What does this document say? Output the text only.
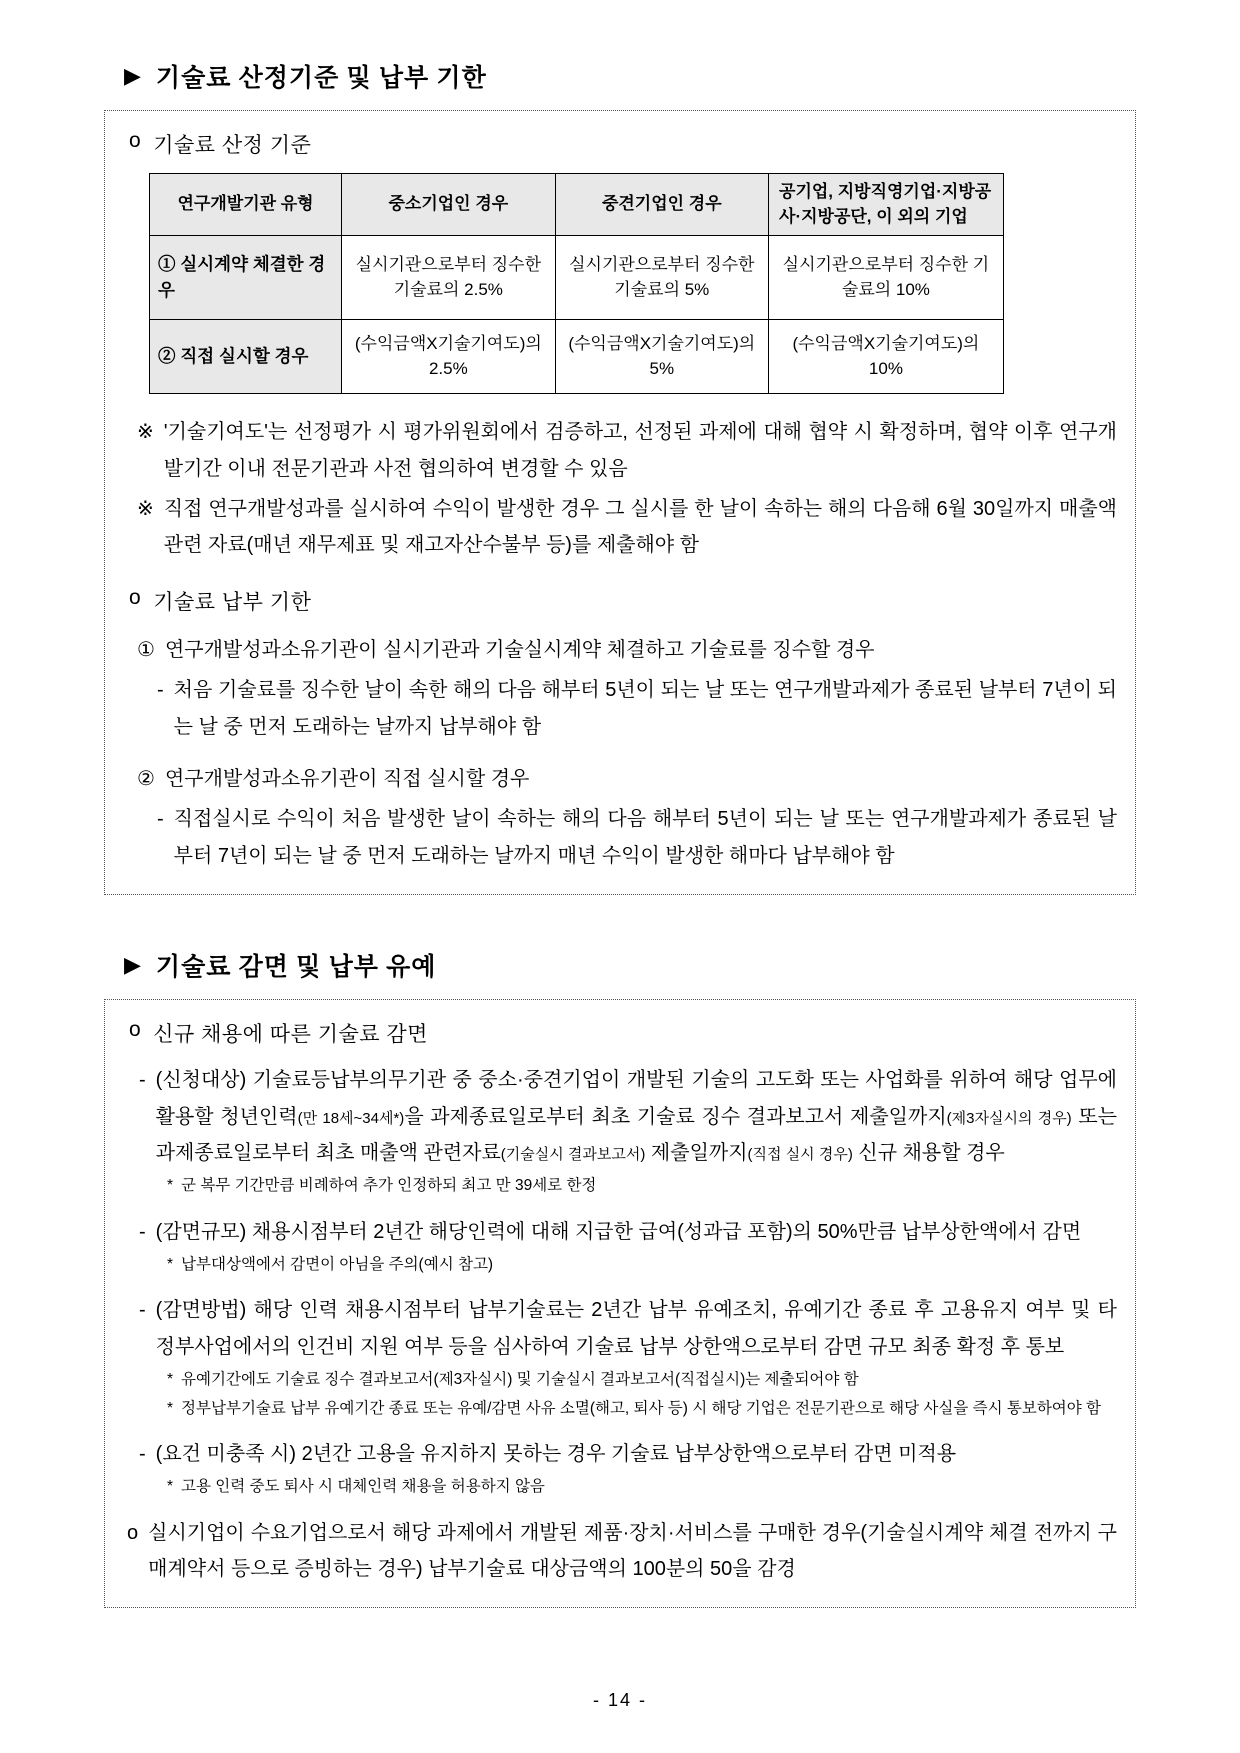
▶ 기술료 산정기준 및 납부 기한
o 기술료 산정 기준
연구개발기관 유형	중소기업인 경우	중견기업인 경우	공기업, 지방직영기업·지방공사·지방공단, 이 외의 기업
① 실시계약 체결한 경우	실시기관으로부터 징수한 기술료의 2.5%	실시기관으로부터 징수한 기술료의 5%	실시기관으로부터 징수한 기술료의 10%
② 직접 실시할 경우	(수익금액X기술기여도)의 2.5%	(수익금액X기술기여도)의 5%	(수익금액X기술기여도)의 10%
※ '기술기여도'는 선정평가 시 평가위원회에서 검증하고, 선정된 과제에 대해 협약 시 확정하며, 협약 이후 연구개발기간 이내 전문기관과 사전 협의하여 변경할 수 있음
※ 직접 연구개발성과를 실시하여 수익이 발생한 경우 그 실시를 한 날이 속하는 해의 다음해 6월 30일까지 매출액 관련 자료(매년 재무제표 및 재고자산수불부 등)를 제출해야 함
o 기술료 납부 기한
① 연구개발성과소유기관이 실시기관과 기술실시계약 체결하고 기술료를 징수할 경우
- 처음 기술료를 징수한 날이 속한 해의 다음 해부터 5년이 되는 날 또는 연구개발과제가 종료된 날부터 7년이 되는 날 중 먼저 도래하는 날까지 납부해야 함
② 연구개발성과소유기관이 직접 실시할 경우
- 직접실시로 수익이 처음 발생한 날이 속하는 해의 다음 해부터 5년이 되는 날 또는 연구개발과제가 종료된 날부터 7년이 되는 날 중 먼저 도래하는 날까지 매년 수익이 발생한 해마다 납부해야 함
▶ 기술료 감면 및 납부 유예
o 신규 채용에 따른 기술료 감면
- (신청대상) 기술료등납부의무기관 중 중소·중견기업이 개발된 기술의 고도화 또는 사업화를 위하여 해당 업무에 활용할 청년인력(만 18세~34세*)을 과제종료일로부터 최초 기술료 징수 결과보고서 제출일까지(제3자실시의 경우) 또는 과제종료일로부터 최초 매출액 관련자료(기술실시 결과보고서) 제출일까지(직접 실시 경우) 신규 채용할 경우
* 군 복무 기간만큼 비례하여 추가 인정하되 최고 만 39세로 한정
- (감면규모) 채용시점부터 2년간 해당인력에 대해 지급한 급여(성과급 포함)의 50%만큼 납부상한액에서 감면
* 납부대상액에서 감면이 아님을 주의(예시 참고)
- (감면방법) 해당 인력 채용시점부터 납부기술료는 2년간 납부 유예조치, 유예기간 종료 후 고용유지 여부 및 타 정부사업에서의 인건비 지원 여부 등을 심사하여 기술료 납부 상한액으로부터 감면 규모 최종 확정 후 통보
* 유예기간에도 기술료 징수 결과보고서(제3자실시) 및 기술실시 결과보고서(직접실시)는 제출되어야 함
* 정부납부기술료 납부 유예기간 종료 또는 유예/감면 사유 소멸(해고, 퇴사 등) 시 해당 기업은 전문기관으로 해당 사실을 즉시 통보하여야 함
- (요건 미충족 시) 2년간 고용을 유지하지 못하는 경우 기술료 납부상한액으로부터 감면 미적용
* 고용 인력 중도 퇴사 시 대체인력 채용을 허용하지 않음
o 실시기업이 수요기업으로서 해당 과제에서 개발된 제품·장치·서비스를 구매한 경우(기술실시계약 체결 전까지 구매계약서 등으로 증빙하는 경우) 납부기술료 대상금액의 100분의 50을 감경
- 14 -
